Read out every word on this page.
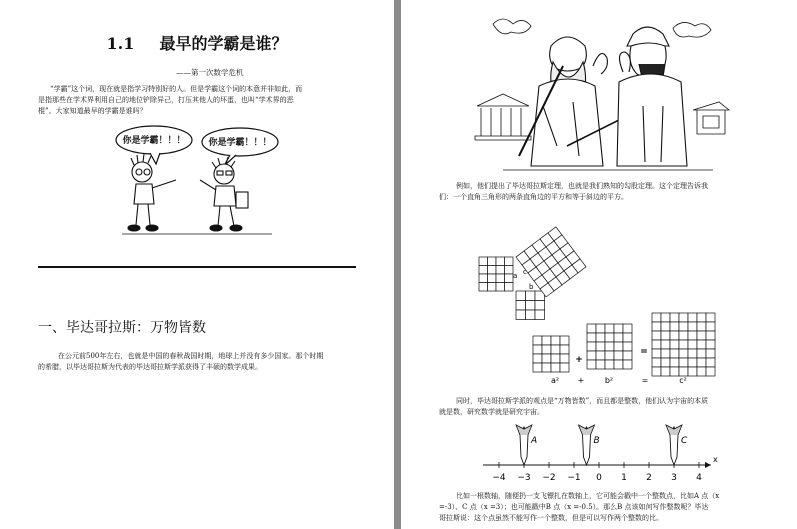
1.1 最早的学霸是谁？
——第一次数学危机
“学霸”这个词，现在就是指学习特别好的人。但是学霸这个词的本意并非如此，而
是指那些在学术界利用自己的地位铲除异己，打压其他人的坏蛋，也叫“学术界的恶
棍”。大家知道最早的学霸是谁吗？
你是学霸！！！	你是学霸！！！
一、毕达哥拉斯：万物皆数
在公元前500年左右，也就是中国的春秋战国时期，地球上并没有多少国家。那个时期
的希腊，以毕达哥拉斯为代表的毕达哥拉斯学派获得了丰硕的数学成果。
例如，他们提出了毕达哥拉斯定理，也就是我们熟知的勾股定理。这个定理告诉我
们：一个直角三角形的两条直角边的平方和等于斜边的平方。
a c
b
+
=
a² +	b²	=	c²
同时，毕达哥拉斯学派的观点是“万物皆数”，而且都是整数，他们认为宇宙的本质
就是数，研究数学就是研究宇宙。
x
−4 −3 −2 −1 0 1 2 3 4
A	B	C
比如一根数轴，随便扔一支飞镖扎在数轴上，它可能会戳中一个整数点，比如A 点（x
=-3）、C 点（x =3）；也可能戳中B 点（x =-0.5）。那么B 点该如何写作整数呢？毕达
哥拉斯说：这个点虽然不能写作一个整数，但是可以写作两个整数的比。
